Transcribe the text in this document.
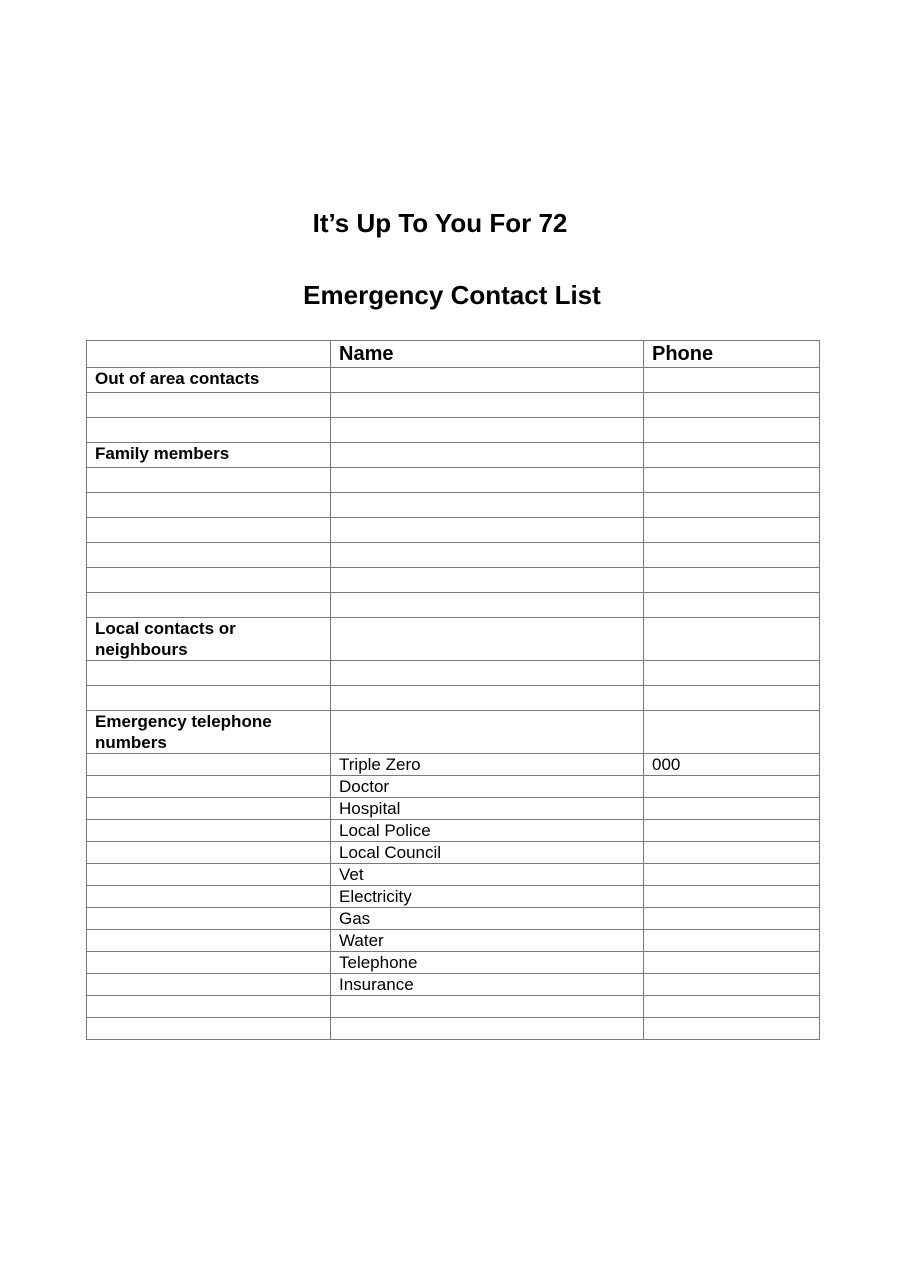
It’s Up To You For 72
Emergency Contact List
	Name	Phone
Out of area contacts		

Family members		

Local contacts or neighbours		

Emergency telephone numbers		
	Triple Zero	000
	Doctor	
	Hospital	
	Local Police	
	Local Council	
	Vet	
	Electricity	
	Gas	
	Water	
	Telephone	
	Insurance	
